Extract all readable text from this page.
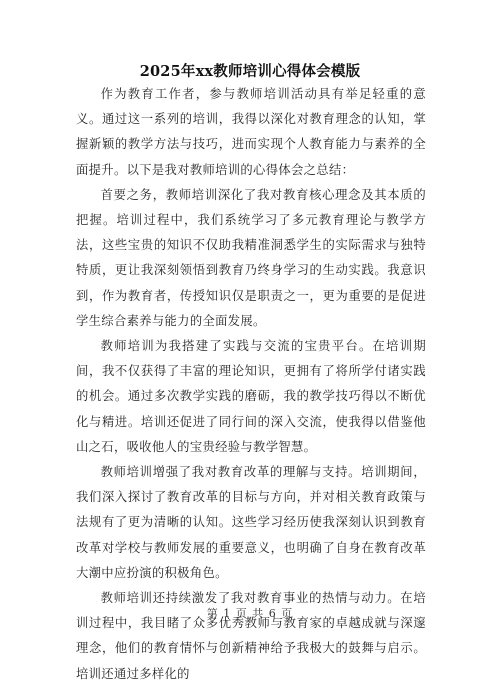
2025年xx教师培训心得体会模版

作为教育工作者，参与教师培训活动具有举足轻重的意义。通过这一系列的培训，我得以深化对教育理念的认知，掌握新颖的教学方法与技巧，进而实现个人教育能力与素养的全面提升。以下是我对教师培训的心得体会之总结：

首要之务，教师培训深化了我对教育核心理念及其本质的把握。培训过程中，我们系统学习了多元教育理论与教学方法，这些宝贵的知识不仅助我精准洞悉学生的实际需求与独特特质，更让我深刻领悟到教育乃终身学习的生动实践。我意识到，作为教育者，传授知识仅是职责之一，更为重要的是促进学生综合素养与能力的全面发展。

教师培训为我搭建了实践与交流的宝贵平台。在培训期间，我不仅获得了丰富的理论知识，更拥有了将所学付诸实践的机会。通过多次教学实践的磨砺，我的教学技巧得以不断优化与精进。培训还促进了同行间的深入交流，使我得以借鉴他山之石，吸收他人的宝贵经验与教学智慧。

教师培训增强了我对教育改革的理解与支持。培训期间，我们深入探讨了教育改革的目标与方向，并对相关教育政策与法规有了更为清晰的认知。这些学习经历使我深刻认识到教育改革对学校与教师发展的重要意义，也明确了自身在教育改革大潮中应扮演的积极角色。

教师培训还持续激发了我对教育事业的热情与动力。在培训过程中，我目睹了众多优秀教师与教育家的卓越成就与深邃理念，他们的教育情怀与创新精神给予我极大的鼓舞与启示。培训还通过多样化的

第 1 页 共 6 页
